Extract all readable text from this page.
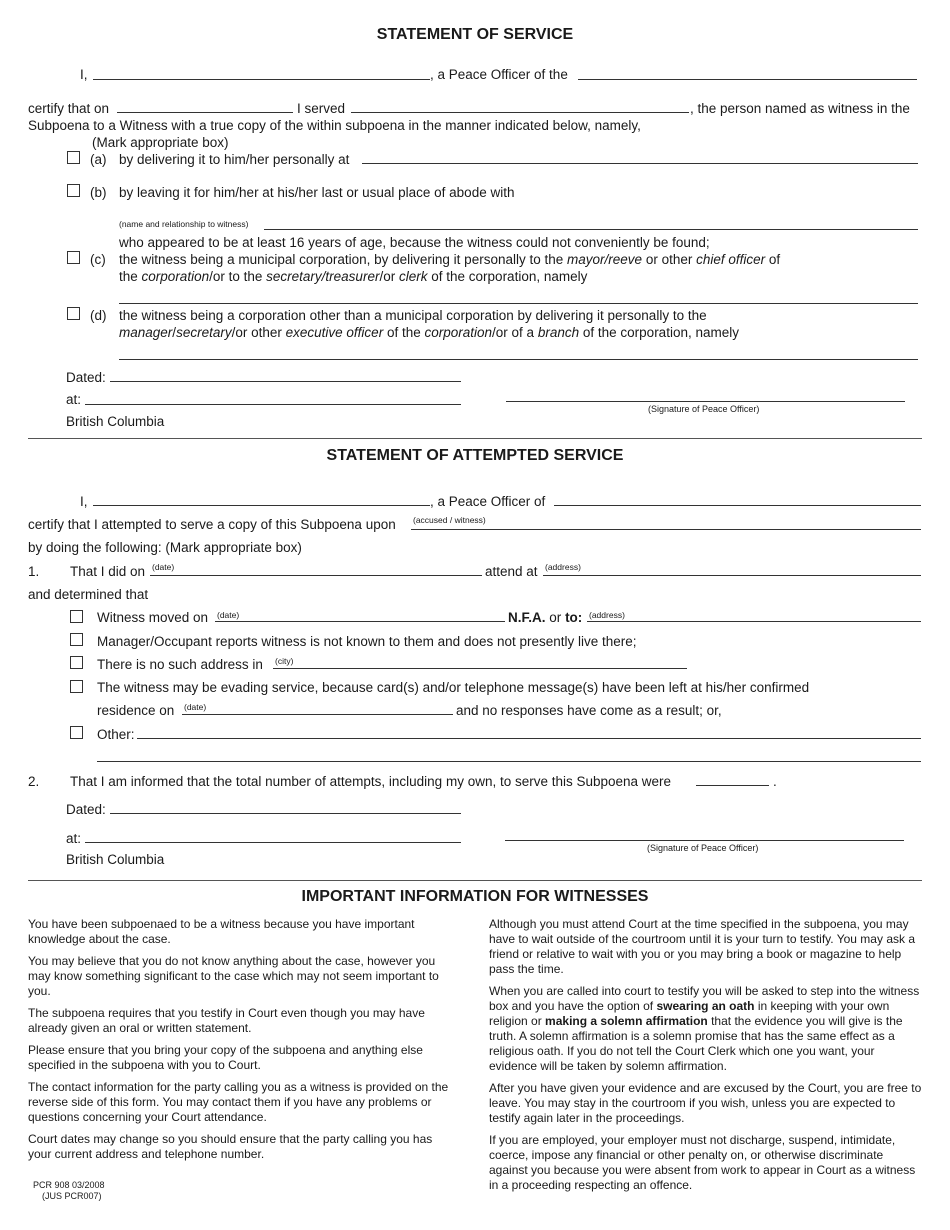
STATEMENT OF SERVICE
I,	, a Peace Officer of the
certify that on	I served	, the person named as witness in the
Subpoena to a Witness with a true copy of the within subpoena in the manner indicated below, namely,
(Mark appropriate box)
(a) by delivering it to him/her personally at
(b) by leaving it for him/her at his/her last or usual place of abode with
(name and relationship to witness)
who appeared to be at least 16 years of age, because the witness could not conveniently be found;
(c) the witness being a municipal corporation, by delivering it personally to the mayor/reeve or other chief officer of
the corporation/or to the secretary/treasurer/or clerk of the corporation, namely
(d) the witness being a corporation other than a municipal corporation by delivering it personally to the
manager/secretary/or other executive officer of the corporation/or of a branch of the corporation, namely
Dated:
at:
(Signature of Peace Officer)
British Columbia
STATEMENT OF ATTEMPTED SERVICE
I,	, a Peace Officer of
certify that I attempted to serve a copy of this Subpoena upon (accused / witness)
by doing the following: (Mark appropriate box)
1. That I did on (date)	attend at (address)
and determined that
Witness moved on (date)	N.F.A. or to: (address)
Manager/Occupant reports witness is not known to them and does not presently live there;
There is no such address in (city)
The witness may be evading service, because card(s) and/or telephone message(s) have been left at his/her confirmed
residence on (date)	and no responses have come as a result; or,
Other:
2. That I am informed that the total number of attempts, including my own, to serve this Subpoena were	.
Dated:
at:
(Signature of Peace Officer)
British Columbia
IMPORTANT INFORMATION FOR WITNESSES

You have been subpoenaed to be a witness because you have important knowledge about the case.

You may believe that you do not know anything about the case, however you may know something significant to the case which may not seem important to you.

The subpoena requires that you testify in Court even though you may have already given an oral or written statement.

Please ensure that you bring your copy of the subpoena and anything else specified in the subpoena with you to Court.

The contact information for the party calling you as a witness is provided on the reverse side of this form. You may contact them if you have any problems or questions concerning your Court attendance.

Court dates may change so you should ensure that the party calling you has your current address and telephone number.

Although you must attend Court at the time specified in the subpoena, you may have to wait outside of the courtroom until it is your turn to testify. You may ask a friend or relative to wait with you or you may bring a book or magazine to help pass the time.

When you are called into court to testify you will be asked to step into the witness box and you have the option of swearing an oath in keeping with your own religion or making a solemn affirmation that the evidence you will give is the truth. A solemn affirmation is a solemn promise that has the same effect as a religious oath. If you do not tell the Court Clerk which one you want, your evidence will be taken by solemn affirmation.

After you have given your evidence and are excused by the Court, you are free to leave. You may stay in the courtroom if you wish, unless you are expected to testify again later in the proceedings.

If you are employed, your employer must not discharge, suspend, intimidate, coerce, impose any financial or other penalty on, or otherwise discriminate against you because you were absent from work to appear in Court as a witness in a proceeding respecting an offence.

PCR 908 03/2008
(JUS PCR007)
